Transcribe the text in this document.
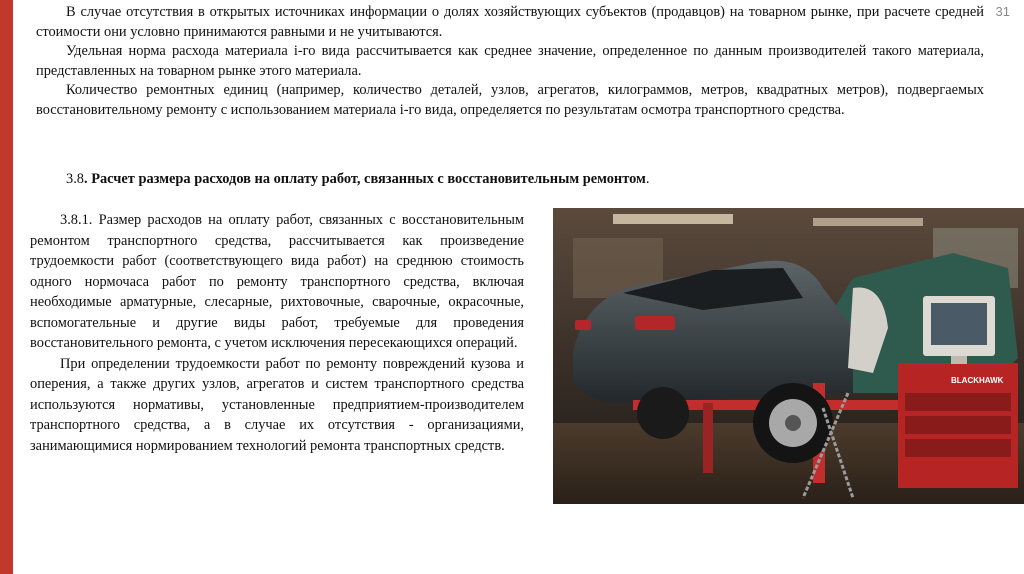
31

В случае отсутствия в открытых источниках информации о долях хозяйствующих субъектов (продавцов) на товарном рынке, при расчете средней стоимости они условно принимаются равными и не учитываются.

Удельная норма расхода материала i-го вида рассчитывается как среднее значение, определенное по данным производителей такого материала, представленных на товарном рынке этого материала.

Количество ремонтных единиц (например, количество деталей, узлов, агрегатов, килограммов, метров, квадратных метров), подвергаемых восстановительному ремонту с использованием материала i-го вида, определяется по результатам осмотра транспортного средства.

3.8. Расчет размера расходов на оплату работ, связанных с восстановительным ремонтом.

3.8.1. Размер расходов на оплату работ, связанных с восстановительным ремонтом транспортного средства, рассчитывается как произведение трудоемкости работ (соответствующего вида работ) на среднюю стоимость одного нормочаса работ по ремонту транспортного средства, включая необходимые арматурные, слесарные, рихтовочные, сварочные, окрасочные, вспомогательные и другие виды работ, требуемые для проведения восстановительного ремонта, с учетом исключения пересекающихся операций.

При определении трудоемкости работ по ремонту повреждений кузова и оперения, а также других узлов, агрегатов и систем транспортного средства используются нормативы, установленные предприятием-производителем транспортного средства, а в случае их отсутствия - организациями, занимающимися нормированием технологий ремонта транспортных средств.

BLACKHAWK
